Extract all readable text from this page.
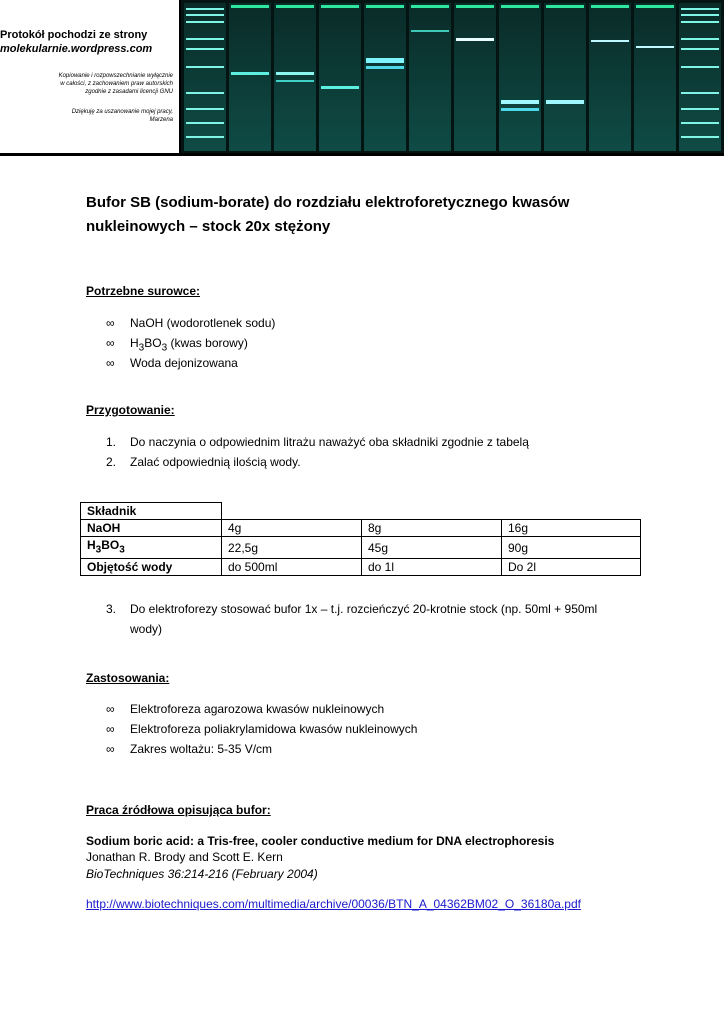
Protokół pochodzi ze strony
molekularnie.wordpress.com
Kopiowanie i rozpowszechnianie wyłącznie
w całości, z zachowaniem praw autorskich
zgodnie z zasadami licencji GNU
Dziękuję za uszanowanie mojej pracy,
Marzena
Bufor SB (sodium-borate) do rozdziału elektroforetycznego kwasów
nukleinowych – stock 20x stężony
Potrzebne surowce:
∞ NaOH (wodorotlenek sodu)
∞ $H_3BO_3$ (kwas borowy)
∞ Woda dejonizowana
Przygotowanie:
1. Do naczynia o odpowiednim litrażu naważyć oba składniki zgodnie z tabelą
2. Zalać odpowiednią ilością wody.
Składnik			
NaOH	4g	8g	16g
$H_3BO_3$	22,5g	45g	90g
Objętość wody	do 500ml	do 1l	Do 2l
3. Do elektroforezy stosować bufor 1x – t.j. rozcieńczyć 20-krotnie stock (np. 50ml + 950ml wody)
Zastosowania:
∞ Elektroforeza agarozowa kwasów nukleinowych
∞ Elektroforeza poliakrylamidowa kwasów nukleinowych
∞ Zakres woltażu: 5-35 V/cm
Praca źródłowa opisująca bufor:
Sodium boric acid: a Tris-free, cooler conductive medium for DNA electrophoresis
Jonathan R. Brody and Scott E. Kern
BioTechniques 36:214-216 (February 2004)
http://www.biotechniques.com/multimedia/archive/00036/BTN_A_04362BM02_O_36180a.pdf
